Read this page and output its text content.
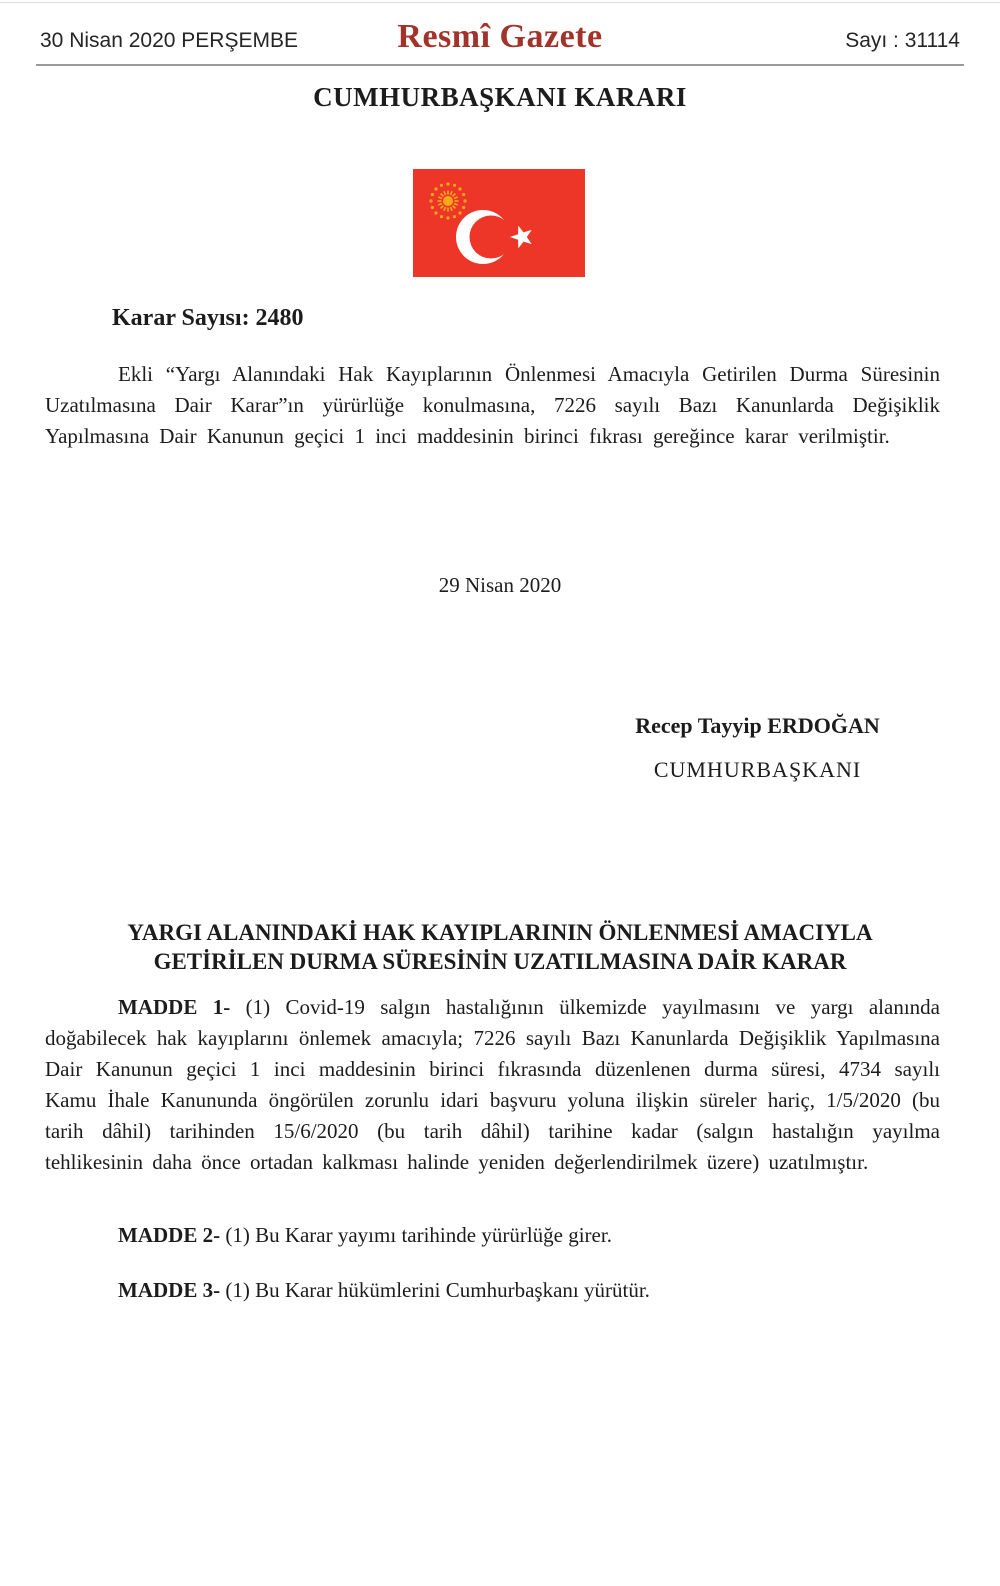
30 Nisan 2020 PERŞEMBE	Resmî Gazete	Sayı : 31114
CUMHURBAŞKANI KARARI
Karar Sayısı: 2480
Ekli “Yargı Alanındaki Hak Kayıplarının Önlenmesi Amacıyla Getirilen Durma Süresinin Uzatılmasına Dair Karar”ın yürürlüğe konulmasına, 7226 sayılı Bazı Kanunlarda Değişiklik Yapılmasına Dair Kanunun geçici 1 inci maddesinin birinci fıkrası gereğince karar verilmiştir.
29 Nisan 2020
Recep Tayyip ERDOĞAN
CUMHURBAŞKANI
YARGI ALANINDAKİ HAK KAYIPLARININ ÖNLENMESİ AMACIYLA
GETİRİLEN DURMA SÜRESİNİN UZATILMASINA DAİR KARAR
MADDE 1- (1) Covid-19 salgın hastalığının ülkemizde yayılmasını ve yargı alanında doğabilecek hak kayıplarını önlemek amacıyla; 7226 sayılı Bazı Kanunlarda Değişiklik Yapılmasına Dair Kanunun geçici 1 inci maddesinin birinci fıkrasında düzenlenen durma süresi, 4734 sayılı Kamu İhale Kanununda öngörülen zorunlu idari başvuru yoluna ilişkin süreler hariç, 1/5/2020 (bu tarih dâhil) tarihinden 15/6/2020 (bu tarih dâhil) tarihine kadar (salgın hastalığın yayılma tehlikesinin daha önce ortadan kalkması halinde yeniden değerlendirilmek üzere) uzatılmıştır.
MADDE 2- (1) Bu Karar yayımı tarihinde yürürlüğe girer.
MADDE 3- (1) Bu Karar hükümlerini Cumhurbaşkanı yürütür.
